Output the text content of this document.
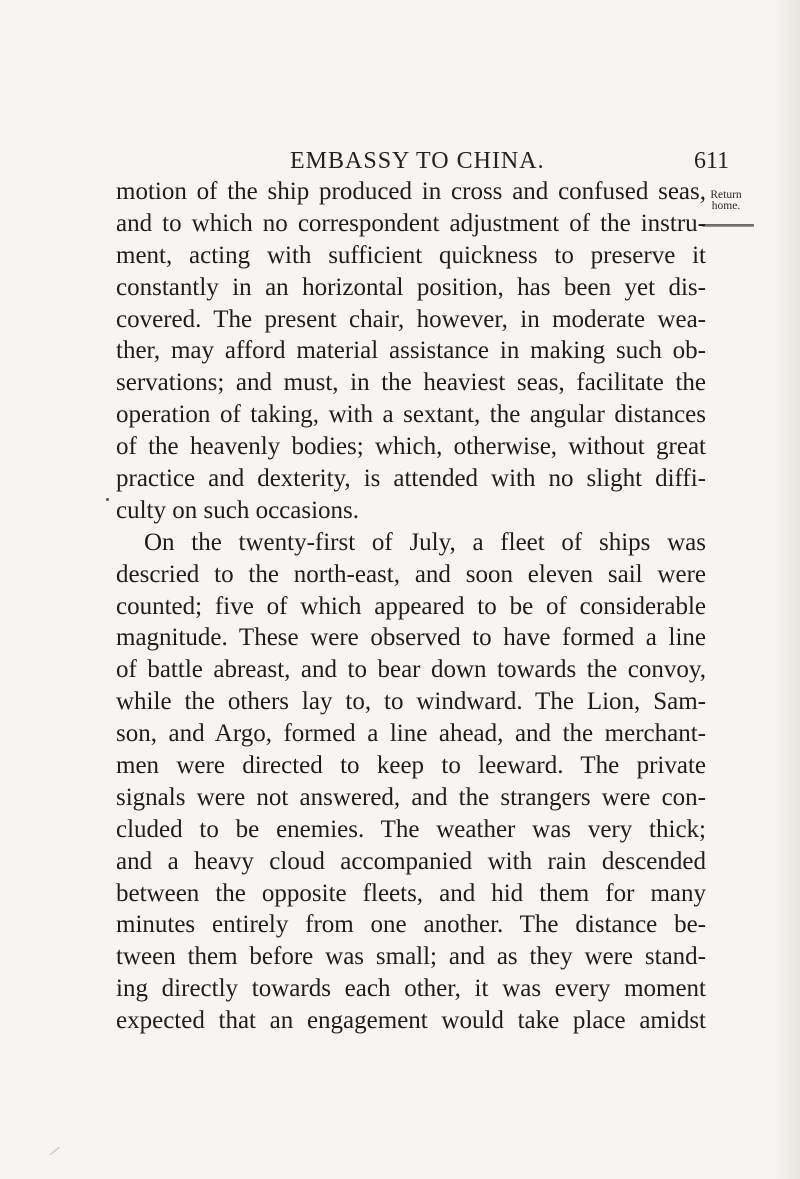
EMBASSY TO CHINA.	611
Return
home.
motion of the ship produced in cross and confused seas,
and to which no correspondent adjustment of the instru-
ment, acting with sufficient quickness to preserve it
constantly in an horizontal position, has been yet dis-
covered. The present chair, however, in moderate wea-
ther, may afford material assistance in making such ob-
servations; and must, in the heaviest seas, facilitate the
operation of taking, with a sextant, the angular distances
of the heavenly bodies; which, otherwise, without great
practice and dexterity, is attended with no slight diffi-
culty on such occasions.
On the twenty-first of July, a fleet of ships was
descried to the north-east, and soon eleven sail were
counted; five of which appeared to be of considerable
magnitude. These were observed to have formed a line
of battle abreast, and to bear down towards the convoy,
while the others lay to, to windward. The Lion, Sam-
son, and Argo, formed a line ahead, and the merchant-
men were directed to keep to leeward. The private
signals were not answered, and the strangers were con-
cluded to be enemies. The weather was very thick;
and a heavy cloud accompanied with rain descended
between the opposite fleets, and hid them for many
minutes entirely from one another. The distance be-
tween them before was small; and as they were stand-
ing directly towards each other, it was every moment
expected that an engagement would take place amidst
